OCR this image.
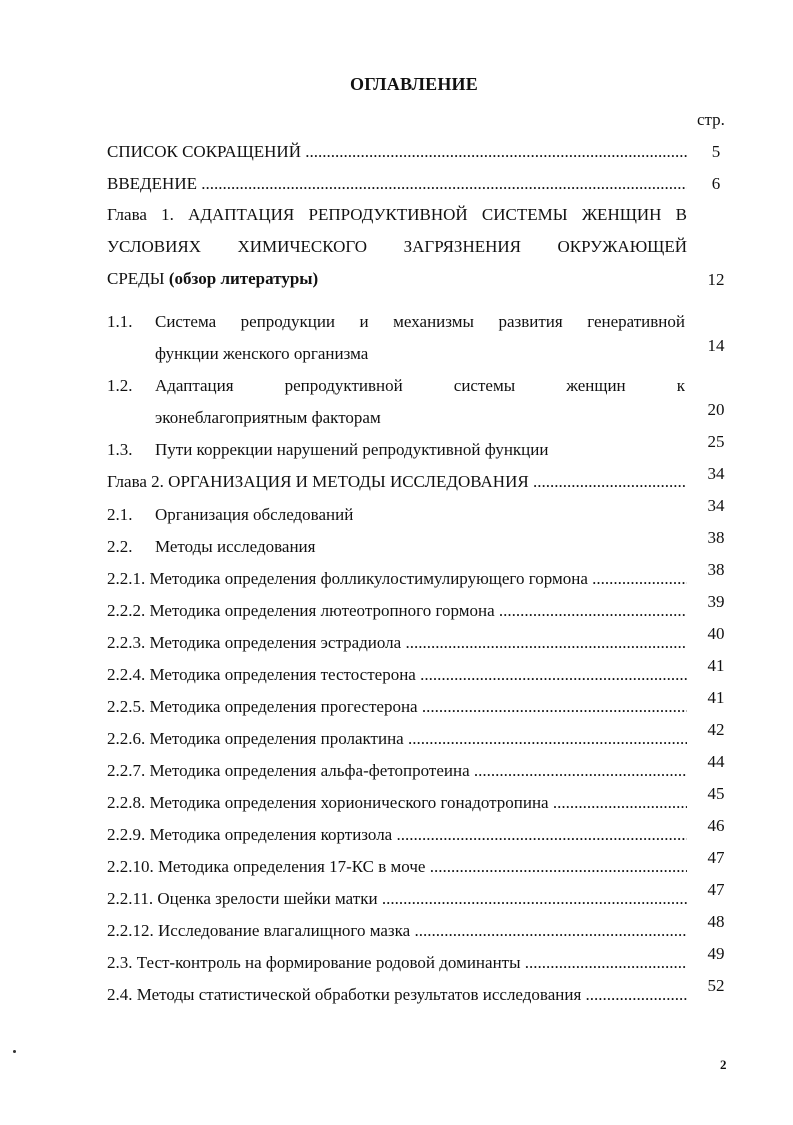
ОГЛАВЛЕНИЕ
стр.
СПИСОК СОКРАЩЕНИЙ .....	5
ВВЕДЕНИЕ .....	6
Глава 1. АДАПТАЦИЯ РЕПРОДУКТИВНОЙ СИСТЕМЫ ЖЕНЩИН В
УСЛОВИЯХ ХИМИЧЕСКОГО ЗАГРЯЗНЕНИЯ ОКРУЖАЮЩЕЙ
СРЕДЫ (обзор литературы)	12
1.1. Система репродукции и механизмы развития генеративной
функции женского организма	14
1.2. Адаптация репродуктивной системы женщин к
эконеблагоприятным факторам	20
1.3. Пути коррекции нарушений репродуктивной функции	25
Глава 2. ОРГАНИЗАЦИЯ И МЕТОДЫ ИССЛЕДОВАНИЯ .....	34
2.1. Организация обследований	34
2.2. Методы исследования	38
2.2.1. Методика определения фолликулостимулирующего гормона .....	38
2.2.2. Методика определения лютеотропного гормона .....	39
2.2.3. Методика определения эстрадиола .....	40
2.2.4. Методика определения тестостерона .....	41
2.2.5. Методика определения прогестерона .....	41
2.2.6. Методика определения пролактина .....	42
2.2.7. Методика определения альфа-фетопротеина .....	44
2.2.8. Методика определения хорионического гонадотропина .....	45
2.2.9. Методика определения кортизола .....	46
2.2.10. Методика определения 17-КС в моче .....	47
2.2.11. Оценка зрелости шейки матки .....	47
2.2.12. Исследование влагалищного мазка .....	48
2.3. Тест-контроль на формирование родовой доминанты .....	49
2.4. Методы статистической обработки результатов исследования .....	52
2
